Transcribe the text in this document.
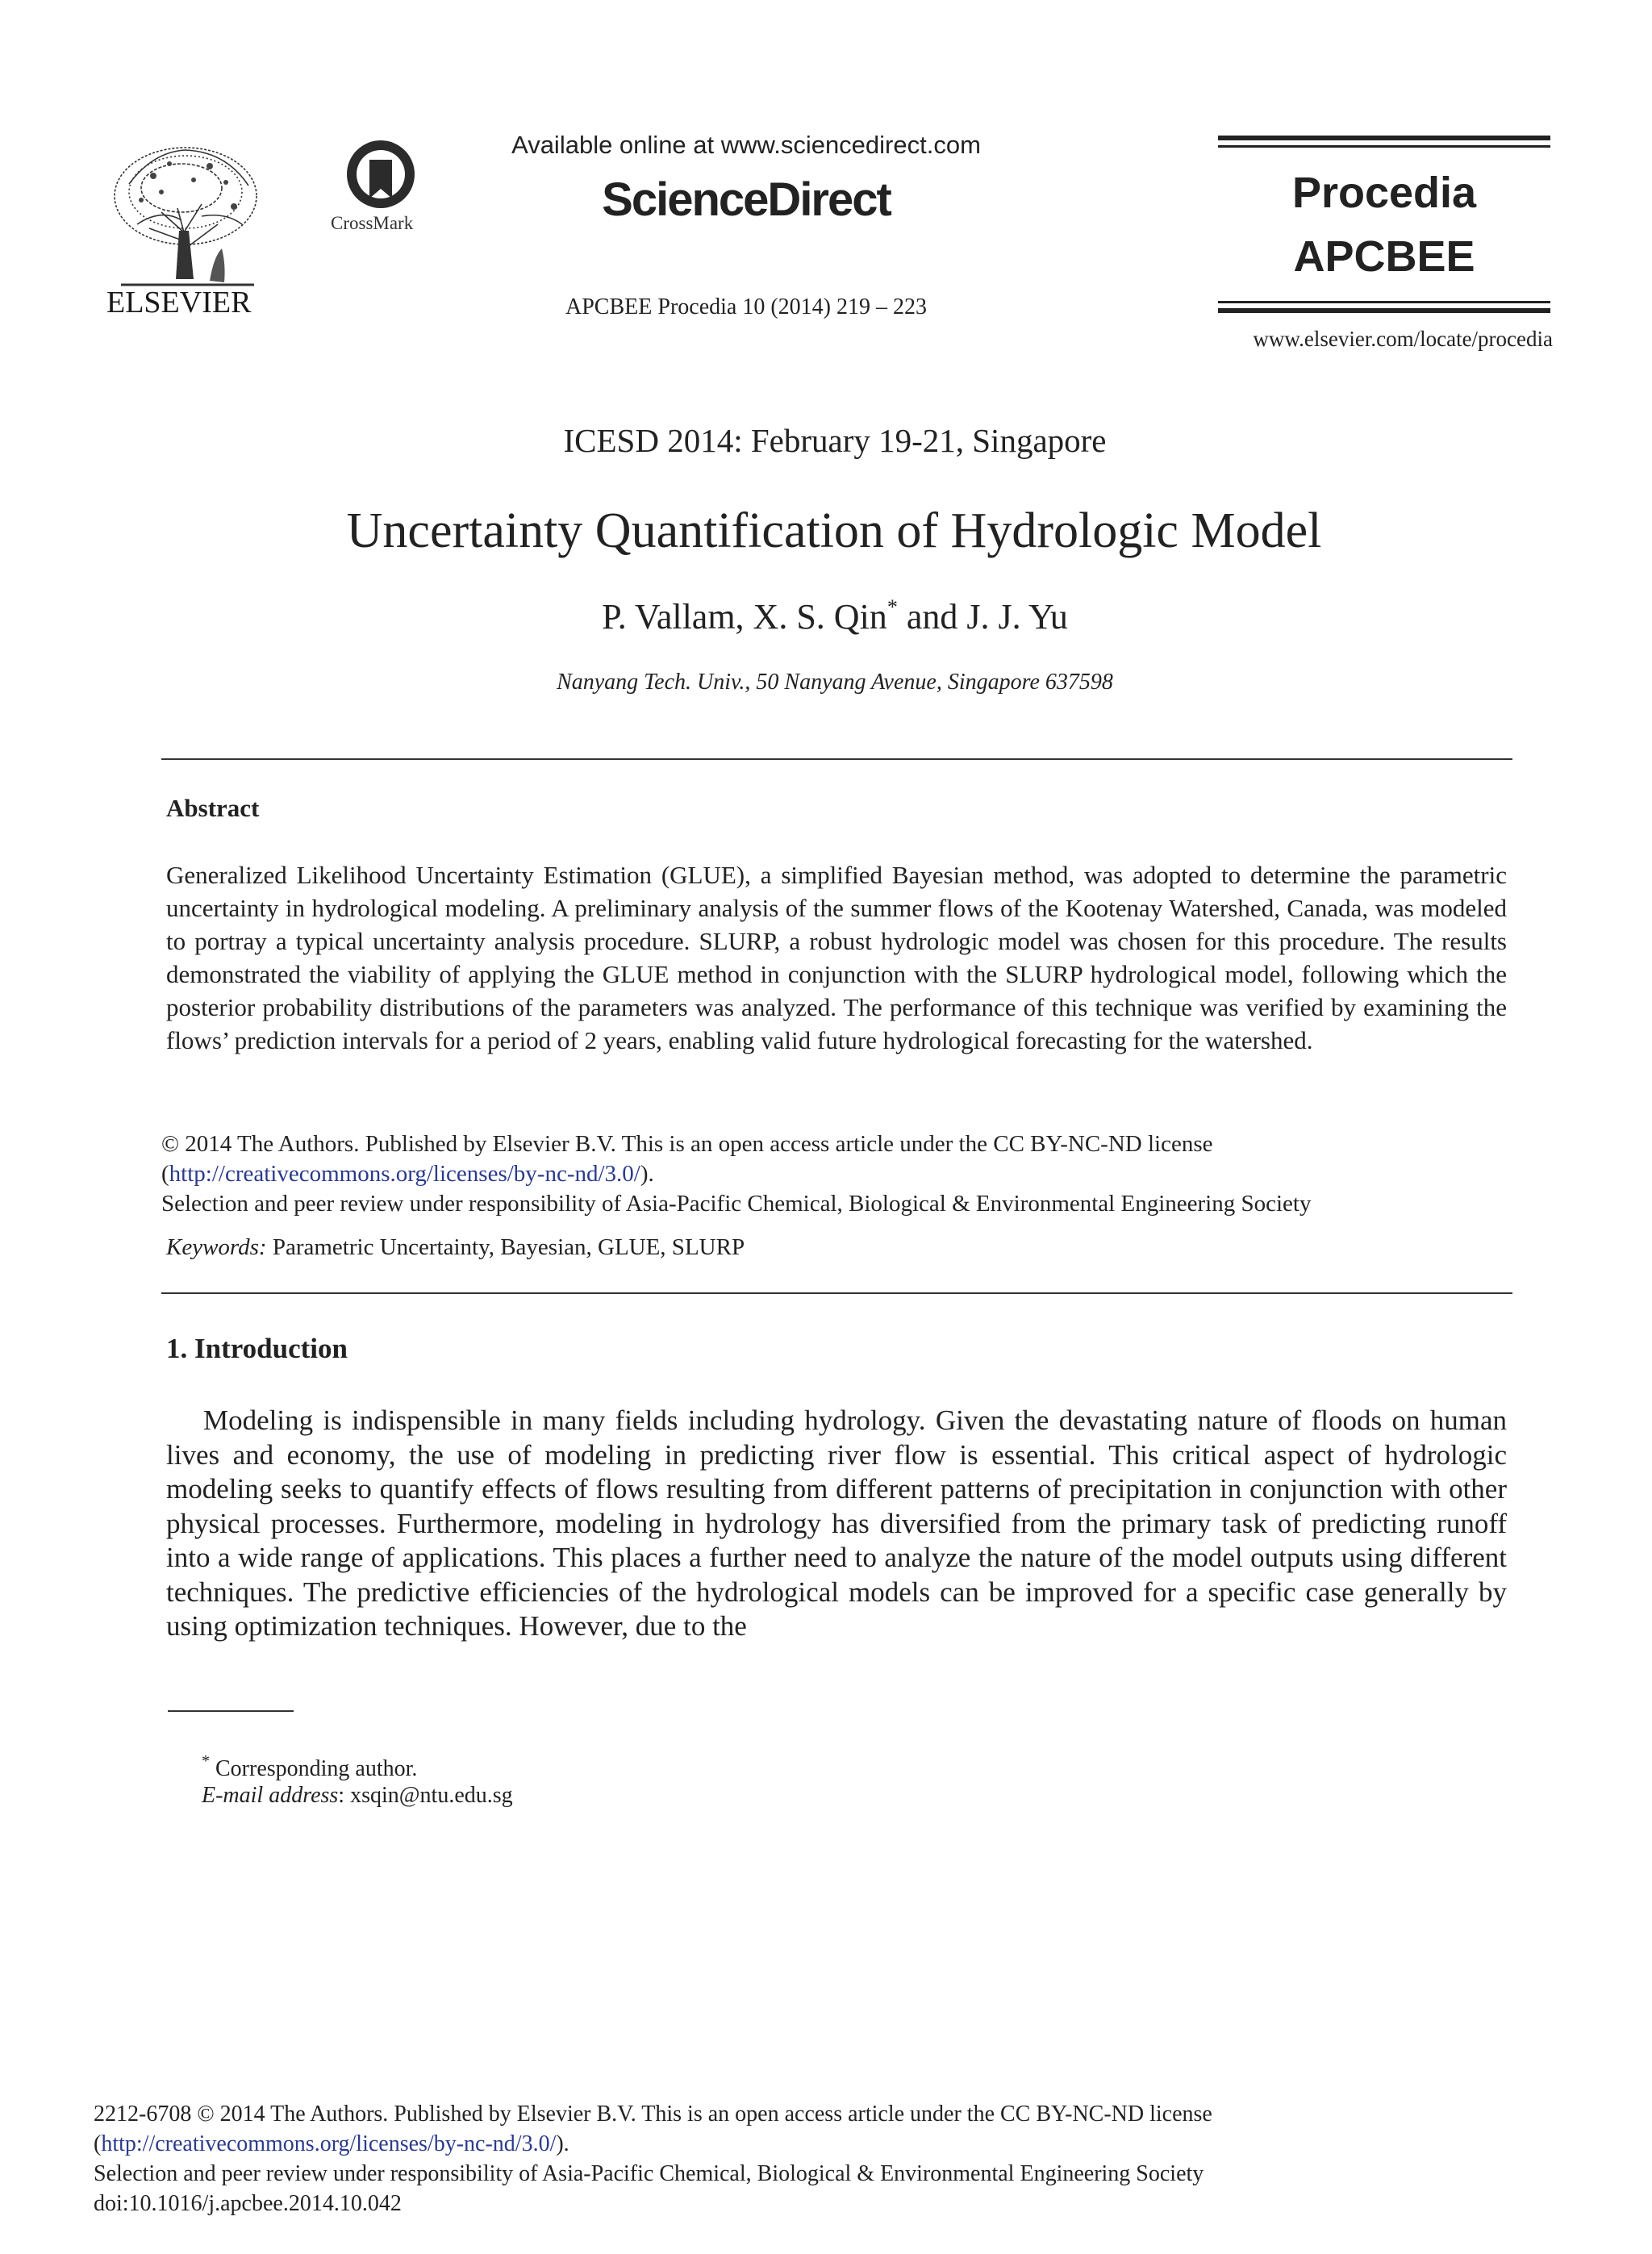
ELSEVIER
CrossMark
Available online at www.sciencedirect.com
ScienceDirect
APCBEE Procedia 10 (2014) 219 – 223
Procedia
APCBEE
www.elsevier.com/locate/procedia
ICESD 2014: February 19-21, Singapore
Uncertainty Quantification of Hydrologic Model
P. Vallam, X. S. Qin* and J. J. Yu
Nanyang Tech. Univ., 50 Nanyang Avenue, Singapore 637598
Abstract
Generalized Likelihood Uncertainty Estimation (GLUE), a simplified Bayesian method, was adopted to determine the parametric uncertainty in hydrological modeling. A preliminary analysis of the summer flows of the Kootenay Watershed, Canada, was modeled to portray a typical uncertainty analysis procedure. SLURP, a robust hydrologic model was chosen for this procedure. The results demonstrated the viability of applying the GLUE method in conjunction with the SLURP hydrological model, following which the posterior probability distributions of the parameters was analyzed. The performance of this technique was verified by examining the flows’ prediction intervals for a period of 2 years, enabling valid future hydrological forecasting for the watershed.
© 2014 The Authors. Published by Elsevier B.V. This is an open access article under the CC BY-NC-ND license
(http://creativecommons.org/licenses/by-nc-nd/3.0/).
Selection and peer review under responsibility of Asia-Pacific Chemical, Biological & Environmental Engineering Society
Keywords: Parametric Uncertainty, Bayesian, GLUE, SLURP
1. Introduction
Modeling is indispensible in many fields including hydrology. Given the devastating nature of floods on human lives and economy, the use of modeling in predicting river flow is essential. This critical aspect of hydrologic modeling seeks to quantify effects of flows resulting from different patterns of precipitation in conjunction with other physical processes. Furthermore, modeling in hydrology has diversified from the primary task of predicting runoff into a wide range of applications. This places a further need to analyze the nature of the model outputs using different techniques. The predictive efficiencies of the hydrological models can be improved for a specific case generally by using optimization techniques. However, due to the
* Corresponding author.
E-mail address: xsqin@ntu.edu.sg
2212-6708 © 2014 The Authors. Published by Elsevier B.V. This is an open access article under the CC BY-NC-ND license
(http://creativecommons.org/licenses/by-nc-nd/3.0/).
Selection and peer review under responsibility of Asia-Pacific Chemical, Biological & Environmental Engineering Society
doi:10.1016/j.apcbee.2014.10.042
